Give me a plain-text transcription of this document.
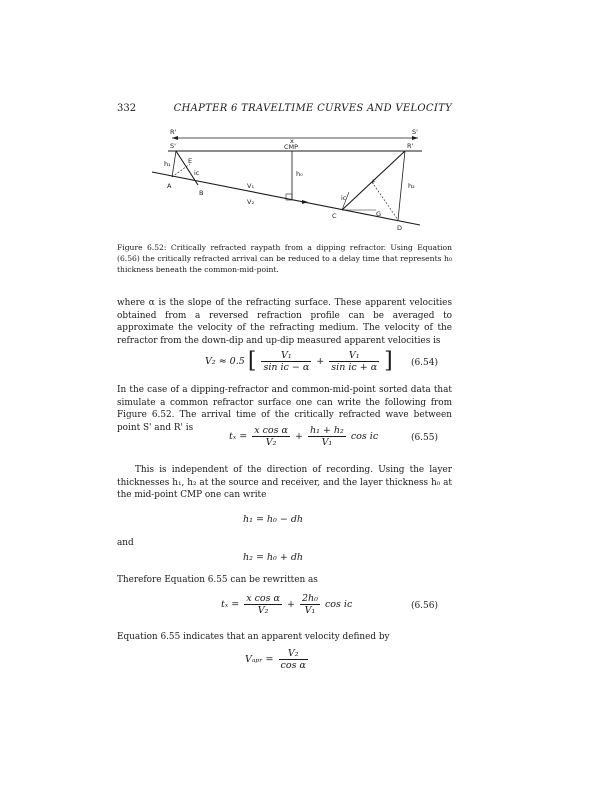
332	CHAPTER 6 TRAVELTIME CURVES AND VELOCITY
R'
S'
x
S'
R'
CMP
h₁	E
iᴄ
A
B
h₀
V₁
V₂
F	h₂
iᴄ
C
D
G
Figure 6.52: Critically refracted raypath from a dipping refractor. Using Equation (6.56) the critically refracted arrival can be reduced to a delay time that represents h₀ thickness beneath the common-mid-point.
where α is the slope of the refracting surface. These apparent velocities obtained from a reversed refraction profile can be averaged to approximate the velocity of the refracting medium. The velocity of the refractor from the down-dip and up-dip measured apparent velocities is
V₂ ≈ 0.5 [ $\frac{\text{V₁}}{\text{sin iᴄ − α}} + \frac{\text{V₁}}{\text{sin iᴄ + α}}$ ] (6.54)
In the case of a dipping-refractor and common-mid-point sorted data that simulate a common refractor surface one can write the following from Figure 6.52. The arrival time of the critically refracted wave between point S' and R' is
$t_x = \frac{\text{x cos α}}{\text{V₂}} + \frac{\text{h₁ + h₂}}{\text{V₁}}$ cos iᴄ	(6.55)
This is independent of the direction of recording. Using the layer thicknesses h₁, h₂ at the source and receiver, and the layer thickness h₀ at the mid-point CMP one can write
h₁ = h₀ − dh
and
h₂ = h₀ + dh
Therefore Equation 6.55 can be rewritten as
$t_x = \frac{\text{x cos α}}{\text{V₂}} + \frac{\text{2h₀}}{\text{V₁}}$ cos iᴄ	(6.56)
Equation 6.55 indicates that an apparent velocity defined by
Vₐₚᵣ = $\frac{\text{V₂}}{\text{cos α}}$
